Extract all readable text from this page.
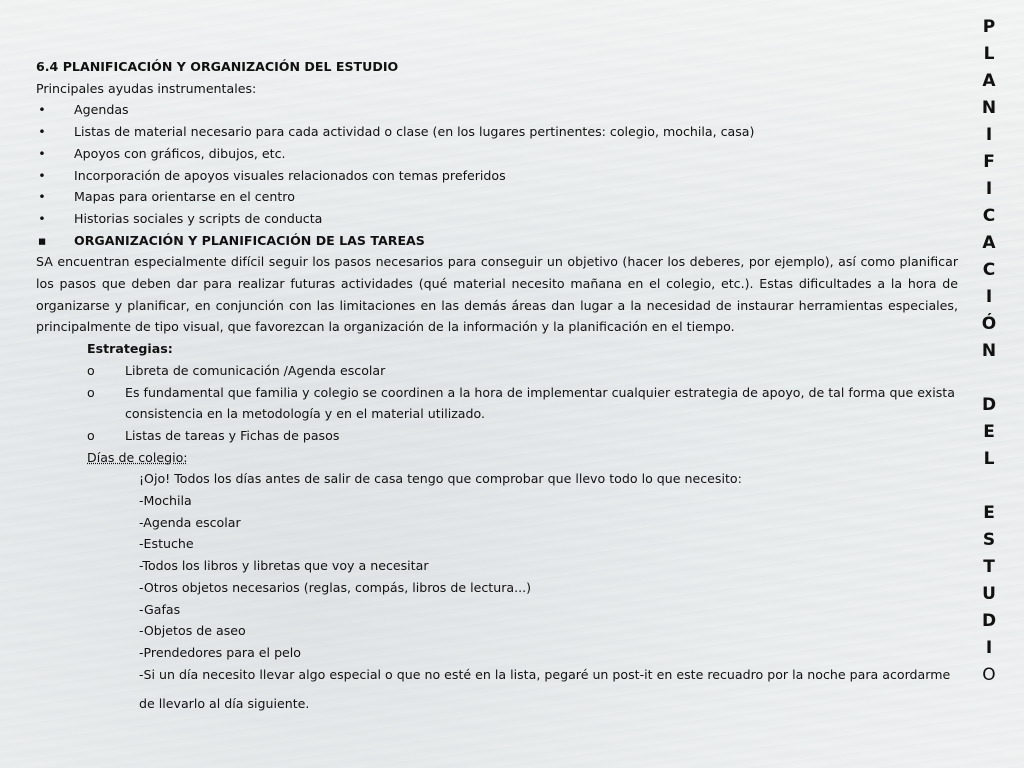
6.4 PLANIFICACIÓN Y ORGANIZACIÓN DEL ESTUDIO
Principales ayudas instrumentales:
• Agendas
• Listas de material necesario para cada actividad o clase (en los lugares pertinentes: colegio, mochila, casa)
• Apoyos con gráficos, dibujos, etc.
• Incorporación de apoyos visuales relacionados con temas preferidos
• Mapas para orientarse en el centro
• Historias sociales y scripts de conducta
▪ ORGANIZACIÓN Y PLANIFICACIÓN DE LAS TAREAS
SA encuentran especialmente difícil seguir los pasos necesarios para conseguir un objetivo (hacer los deberes, por ejemplo), así como planificar los pasos que deben dar para realizar futuras actividades (qué material necesito mañana en el colegio, etc.). Estas dificultades a la hora de organizarse y planificar, en conjunción con las limitaciones en las demás áreas dan lugar a la necesidad de instaurar herramientas especiales, principalmente de tipo visual, que favorezcan la organización de la información y la planificación en el tiempo.
Estrategias:
o Libreta de comunicación /Agenda escolar
o Es fundamental que familia y colegio se coordinen a la hora de implementar cualquier estrategia de apoyo, de tal forma que exista consistencia en la metodología y en el material utilizado.
o Listas de tareas y Fichas de pasos
Días de colegio:
¡Ojo! Todos los días antes de salir de casa tengo que comprobar que llevo todo lo que necesito:
-Mochila
-Agenda escolar
-Estuche
-Todos los libros y libretas que voy a necesitar
-Otros objetos necesarios (reglas, compás, libros de lectura...)
-Gafas
-Objetos de aseo
-Prendedores para el pelo
-Si un día necesito llevar algo especial o que no esté en la lista, pegaré un post-it en este recuadro por la noche para acordarme
de llevarlo al día siguiente.
P
L
A
N
I
F
I
C
A
C
I
Ó
N
D
E
L
E
S
T
U
D
I
O
